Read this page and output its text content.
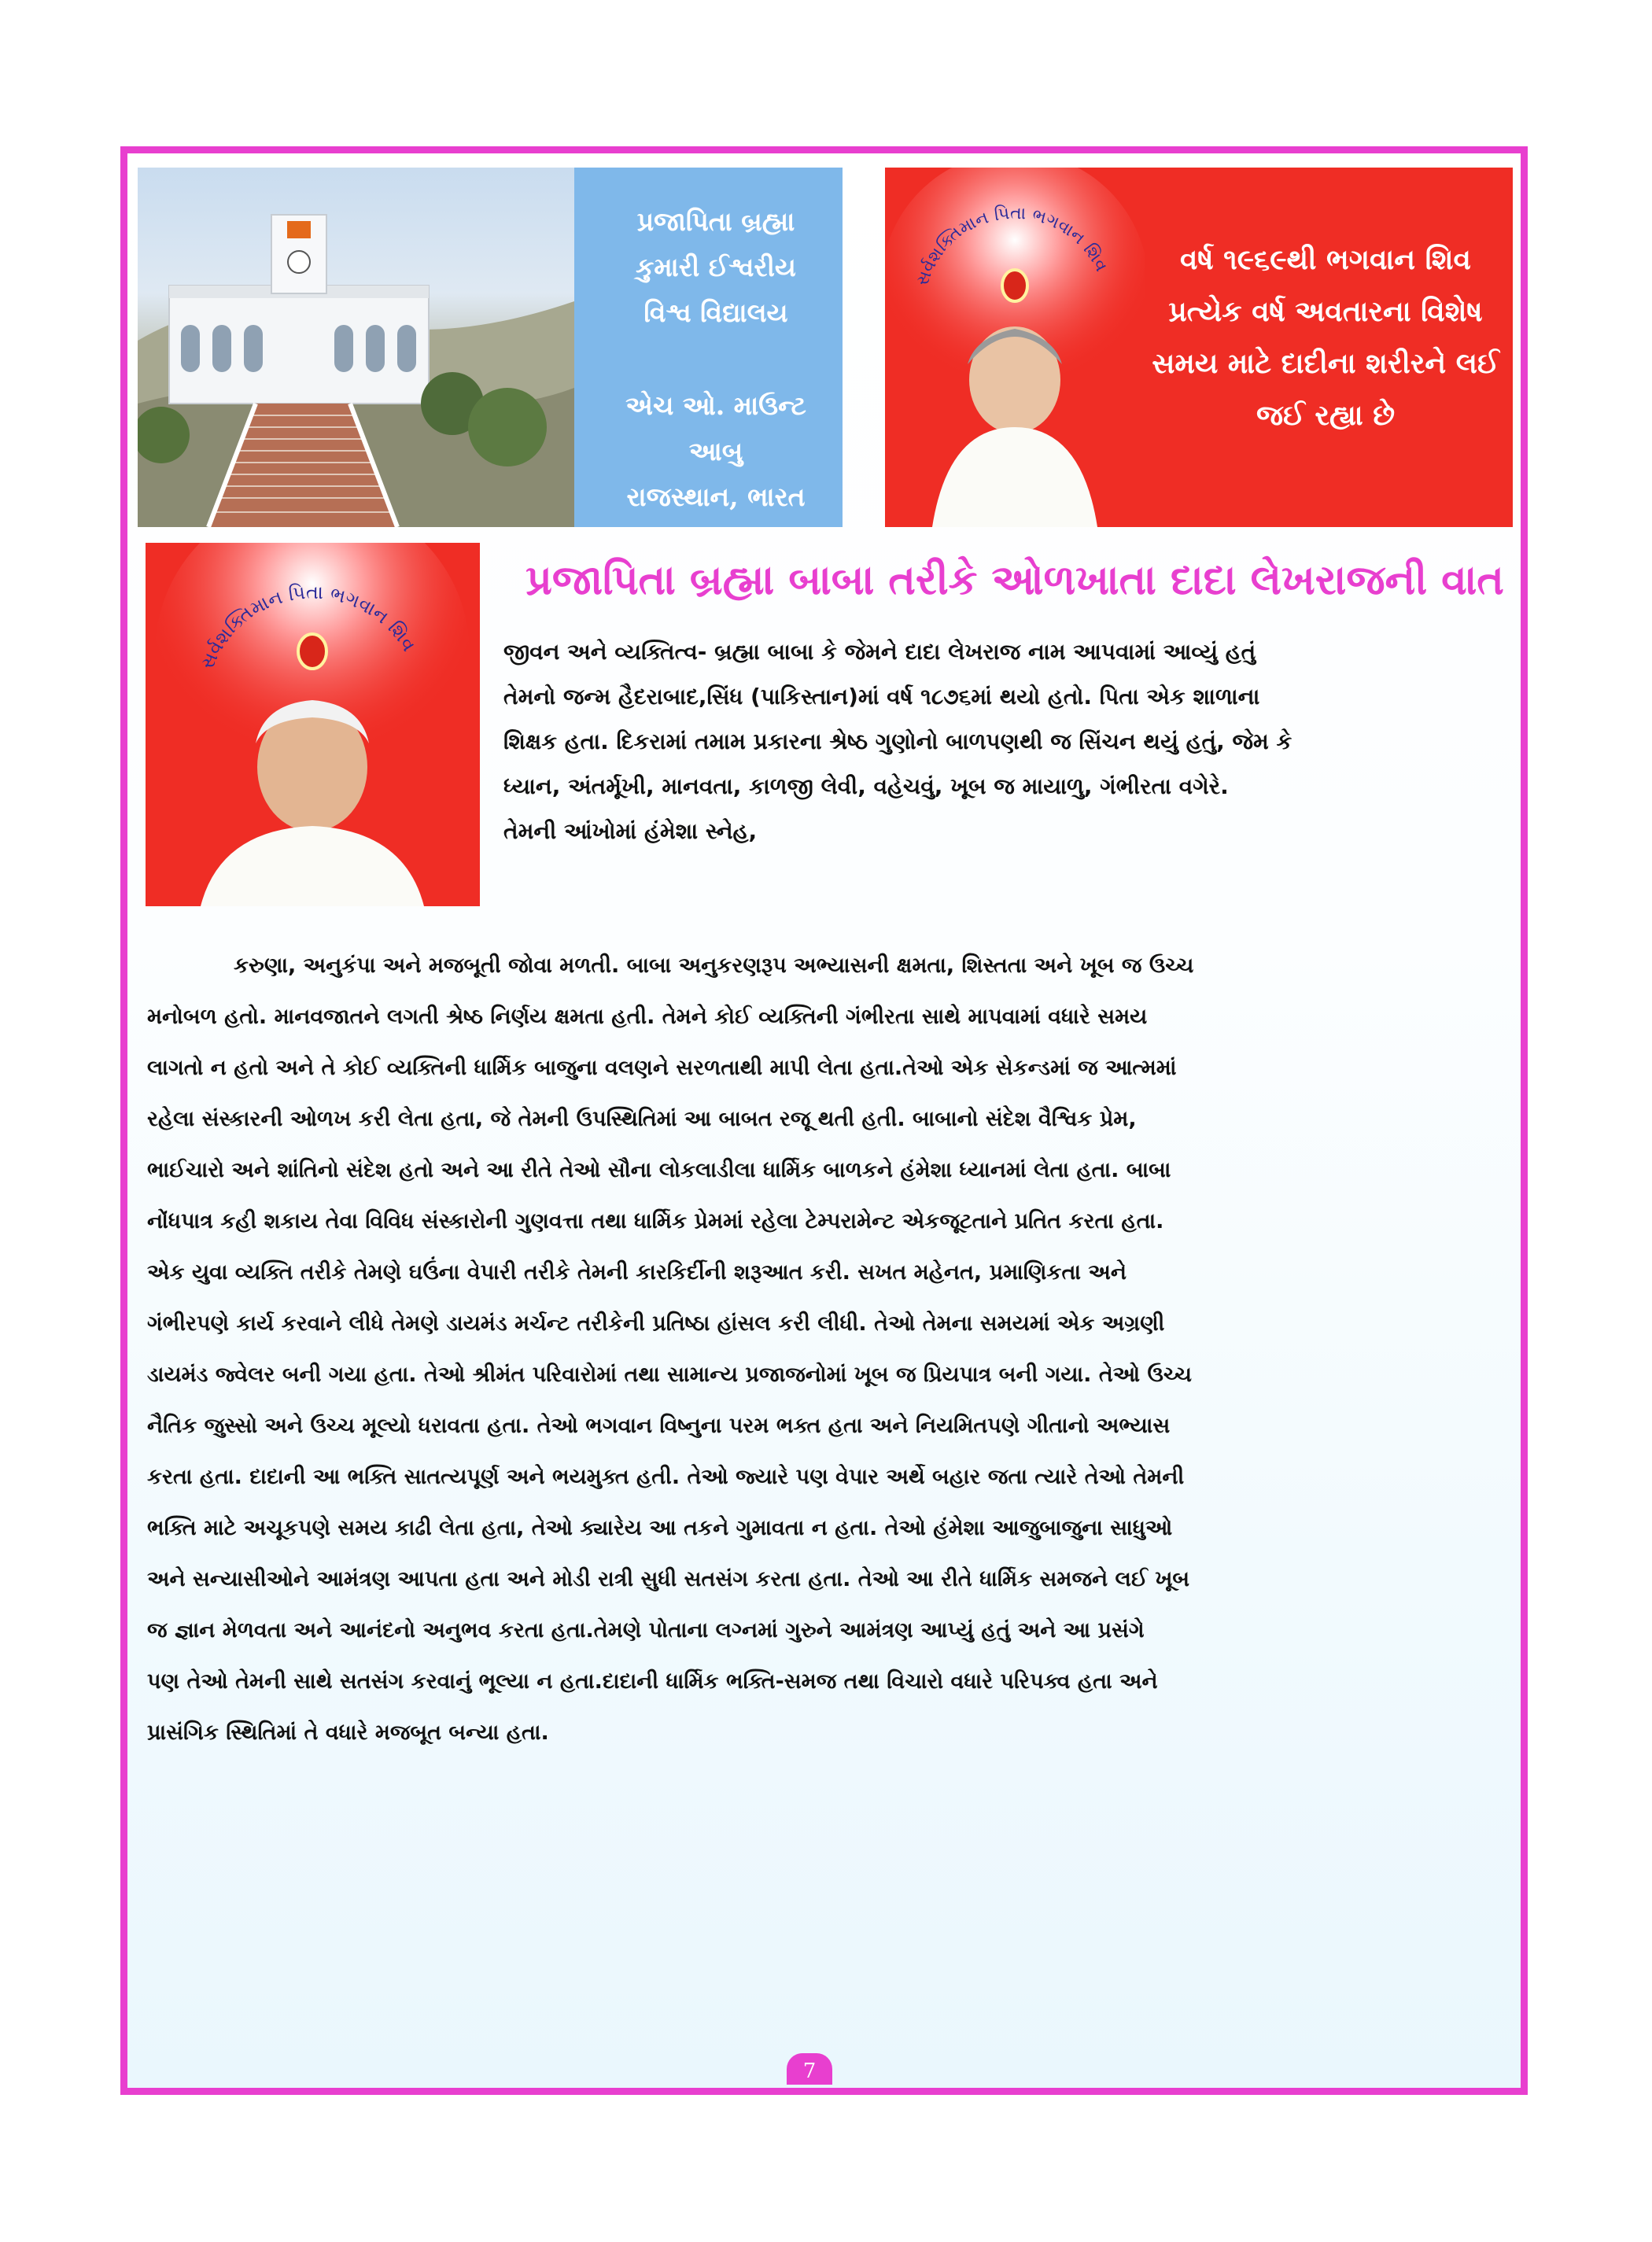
પ્રજાપિતા બ્રહ્મા

કુમારી ઈશ્વરીય

વિશ્વ વિદ્યાલય

એચ ઓ. માઉન્ટ આબુ

રાજસ્થાન, ભારત

સર્વશક્તિમાન પિતા ભગવાન શિવ	વર્ષ ૧૯૬૯થી ભગવાન શિવ

પ્રત્યેક વર્ષ અવતારના વિશેષ

સમય માટે દાદીના શરીરને લઈ

જઈ રહ્યા છે

સર્વશક્તિમાન પિતા ભગવાન શિવ
પ્રજાપિતા બ્રહ્મા બાબા તરીકે ઓળખાતા દાદા લેખરાજની વાત

જીવન અને વ્યક્તિત્વ- બ્રહ્મા બાબા કે જેમને દાદા લેખરાજ નામ આપવામાં આવ્યું હતું

તેમનો જન્મ હૈદરાબાદ,સિંધ (પાકિસ્તાન)માં વર્ષ ૧૮૭૬માં થયો હતો. પિતા એક શાળાના

શિક્ષક હતા. દિકરામાં તમામ પ્રકારના શ્રેષ્ઠ ગુણોનો બાળપણથી જ સિંચન થયું હતું, જેમ કે

ધ્યાન, અંતર્મૂખી, માનવતા, કાળજી લેવી, વહેચવું, ખૂબ જ માયાળુ, ગંભીરતા વગેરે.

તેમની આંખોમાં હંમેશા સ્નેહ,

કરુણા, અનુકંપા અને મજબૂતી જોવા મળતી. બાબા અનુકરણરૂપ અભ્યાસની ક્ષમતા, શિસ્તતા અને ખૂબ જ ઉચ્ચ

મનોબળ હતો. માનવજાતને લગતી શ્રેષ્ઠ નિર્ણય ક્ષમતા હતી. તેમને કોઈ વ્યક્તિની ગંભીરતા સાથે માપવામાં વધારે સમય

લાગતો ન હતો અને તે કોઈ વ્યક્તિની ધાર્મિક બાજુના વલણને સરળતાથી માપી લેતા હતા.તેઓ એક સેકન્ડમાં જ આત્મમાં

રહેલા સંસ્કારની ઓળખ કરી લેતા હતા, જે તેમની ઉપસ્થિતિમાં આ બાબત રજૂ થતી હતી. બાબાનો સંદેશ વૈશ્વિક પ્રેમ,

ભાઈચારો અને શાંતિનો સંદેશ હતો અને આ રીતે તેઓ સૌના લોકલાડીલા ધાર્મિક બાળકને હંમેશા ધ્યાનમાં લેતા હતા. બાબા

નોંધપાત્ર કહી શકાય તેવા વિવિધ સંસ્કારોની ગુણવત્તા તથા ધાર્મિક પ્રેમમાં રહેલા ટેમ્પરામેન્ટ એકજૂટતાને પ્રતિત કરતા હતા.

એક યુવા વ્યક્તિ તરીકે તેમણે ઘઉંના વેપારી તરીકે તેમની કારકિર્દીની શરૂઆત કરી. સખત મહેનત, પ્રમાણિકતા અને

ગંભીરપણે કાર્ય કરવાને લીધે તેમણે ડાયમંડ મર્ચન્ટ તરીકેની પ્રતિષ્ઠા હાંસલ કરી લીધી. તેઓ તેમના સમયમાં એક અગ્રણી

ડાયમંડ જ્વેલર બની ગયા હતા. તેઓ શ્રીમંત પરિવારોમાં તથા સામાન્ય પ્રજાજનોમાં ખૂબ જ પ્રિયપાત્ર બની ગયા. તેઓ ઉચ્ચ

નૈતિક જુસ્સો અને ઉચ્ચ મૂલ્યો ધરાવતા હતા. તેઓ ભગવાન વિષ્નુના પરમ ભક્ત હતા અને નિયમિતપણે ગીતાનો અભ્યાસ

કરતા હતા. દાદાની આ ભક્તિ સાતત્યપૂર્ણ અને ભયમુક્ત હતી. તેઓ જ્યારે પણ વેપાર અર્થે બહાર જતા ત્યારે તેઓ તેમની

ભક્તિ માટે અચૂકપણે સમય કાઢી લેતા હતા, તેઓ ક્યારેય આ તકને ગુમાવતા ન હતા. તેઓ હંમેશા આજુબાજુના સાધુઓ

અને સન્યાસીઓને આમંત્રણ આપતા હતા અને મોડી રાત્રી સુધી સતસંગ કરતા હતા. તેઓ આ રીતે ધાર્મિક સમજને લઈ ખૂબ

જ જ્ઞાન મેળવતા અને આનંદનો અનુભવ કરતા હતા.તેમણે પોતાના લગ્નમાં ગુરુને આમંત્રણ આપ્યું હતું અને આ પ્રસંગે

પણ તેઓ તેમની સાથે સતસંગ કરવાનું ભૂલ્યા ન હતા.દાદાની ધાર્મિક ભક્તિ-સમજ તથા વિચારો વધારે પરિપક્વ હતા અને

પ્રાસંગિક સ્થિતિમાં તે વધારે મજબૂત બન્યા હતા.

7
